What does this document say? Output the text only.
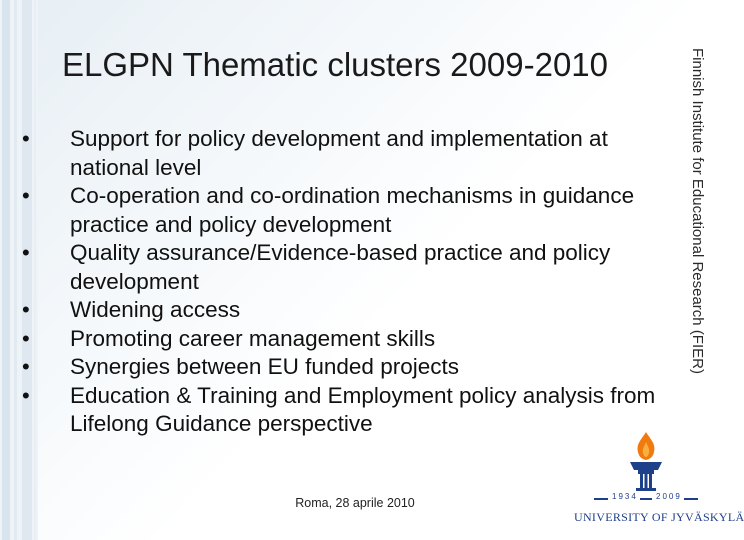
ELGPN Thematic clusters 2009-2010
•	Support for policy development and implementation at national level
•	Co-operation and co-ordination mechanisms in guidance practice and policy development
•	Quality assurance/Evidence-based practice and policy development
•	Widening access
•	Promoting career management skills
•	Synergies between EU funded projects
•	Education & Training and Employment policy analysis from Lifelong Guidance perspective
Roma, 28 aprile 2010
Finnish Institute for Educational Research (FIER)
1934 2009
UNIVERSITY OF JYVÄSKYLÄ
